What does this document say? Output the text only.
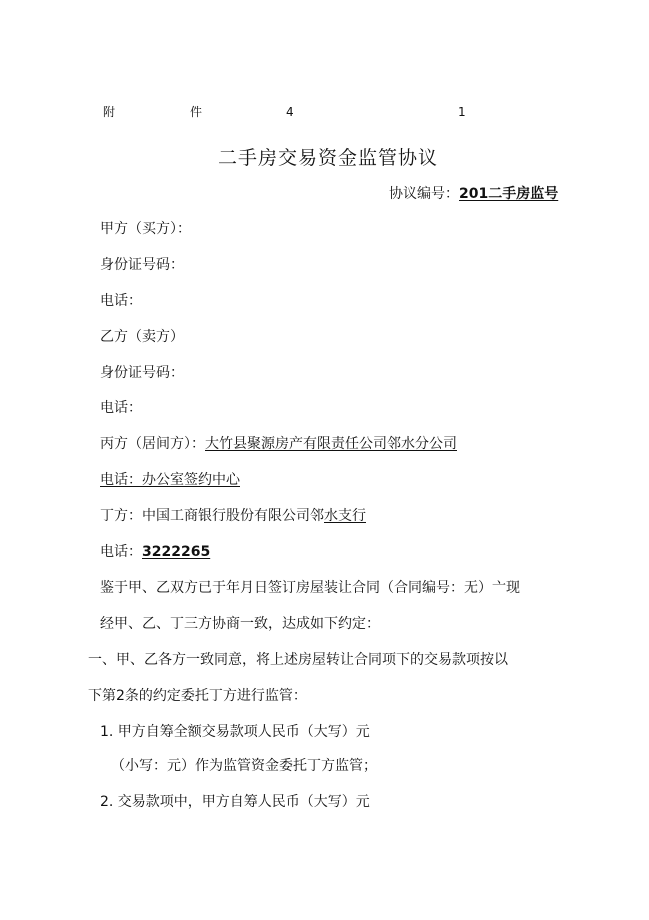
附	件	4	1
二手房交易资金监管协议
协议编号：201二手房监号
甲方（买方）：
身份证号码：
电话：
乙方（卖方）
身份证号码：
电话：
丙方（居间方）：大竹县聚源房产有限责任公司邻水分公司
电话：办公室签约中心
丁方：中国工商银行股份有限公司邻水支行
电话：3222265
鉴于甲、乙双方已于年月日签订房屋装让合同（合同编号：无）亠现
经甲、乙、丁三方协商一致，达成如下约定：
一、甲、乙各方一致同意，将上述房屋转让合同项下的交易款项按以
下第2条的约定委托丁方进行监管：
1. 甲方自筹全额交易款项人民币（大写）元
（小写：元）作为监管资金委托丁方监管；
2. 交易款项中，甲方自筹人民币（大写）元
